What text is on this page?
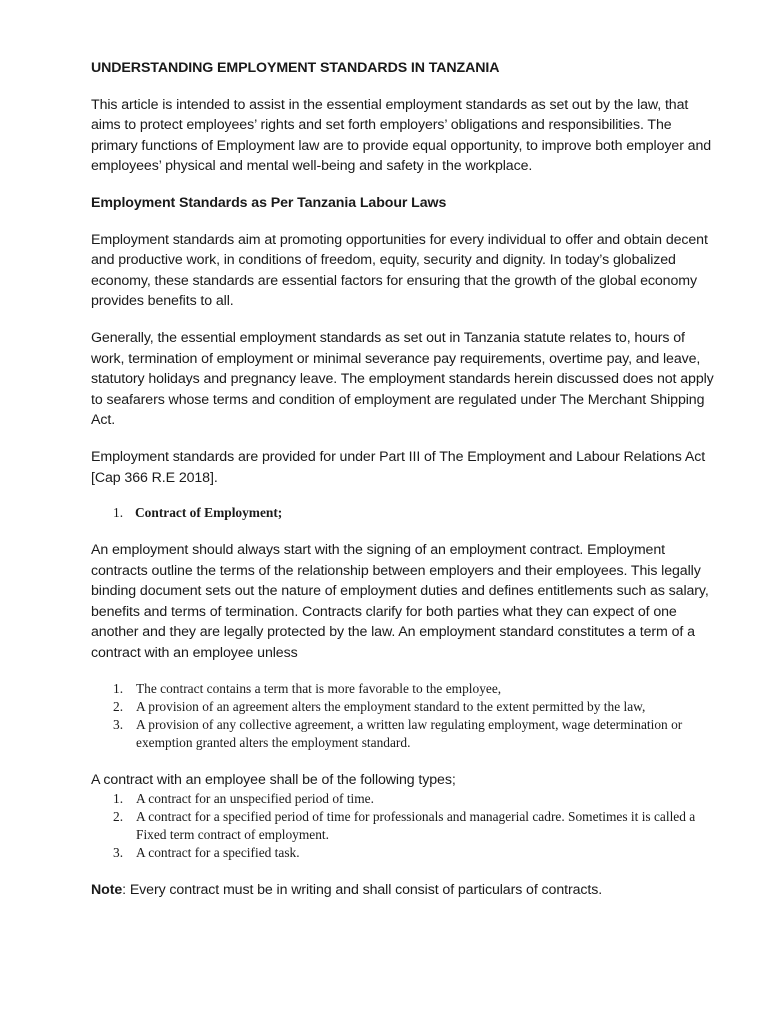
UNDERSTANDING EMPLOYMENT STANDARDS IN TANZANIA

This article is intended to assist in the essential employment standards as set out by the law, that aims to protect employees’ rights and set forth employers’ obligations and responsibilities. The primary functions of Employment law are to provide equal opportunity, to improve both employer and employees’ physical and mental well-being and safety in the workplace.

Employment Standards as Per Tanzania Labour Laws

Employment standards aim at promoting opportunities for every individual to offer and obtain decent and productive work, in conditions of freedom, equity, security and dignity. In today’s globalized economy, these standards are essential factors for ensuring that the growth of the global economy provides benefits to all.

Generally, the essential employment standards as set out in Tanzania statute relates to, hours of work, termination of employment or minimal severance pay requirements, overtime pay, and leave, statutory holidays and pregnancy leave. The employment standards herein discussed does not apply to seafarers whose terms and condition of employment are regulated under The Merchant Shipping Act.

Employment standards are provided for under Part III of The Employment and Labour Relations Act [Cap 366 R.E 2018].

1. Contract of Employment;

An employment should always start with the signing of an employment contract. Employment contracts outline the terms of the relationship between employers and their employees. This legally binding document sets out the nature of employment duties and defines entitlements such as salary, benefits and terms of termination. Contracts clarify for both parties what they can expect of one another and they are legally protected by the law. An employment standard constitutes a term of a contract with an employee unless

1. The contract contains a term that is more favorable to the employee,
2. A provision of an agreement alters the employment standard to the extent permitted by the law,
3. A provision of any collective agreement, a written law regulating employment, wage determination or exemption granted alters the employment standard.

A contract with an employee shall be of the following types;

1. A contract for an unspecified period of time.
2. A contract for a specified period of time for professionals and managerial cadre. Sometimes it is called a Fixed term contract of employment.
3. A contract for a specified task.

Note: Every contract must be in writing and shall consist of particulars of contracts.
